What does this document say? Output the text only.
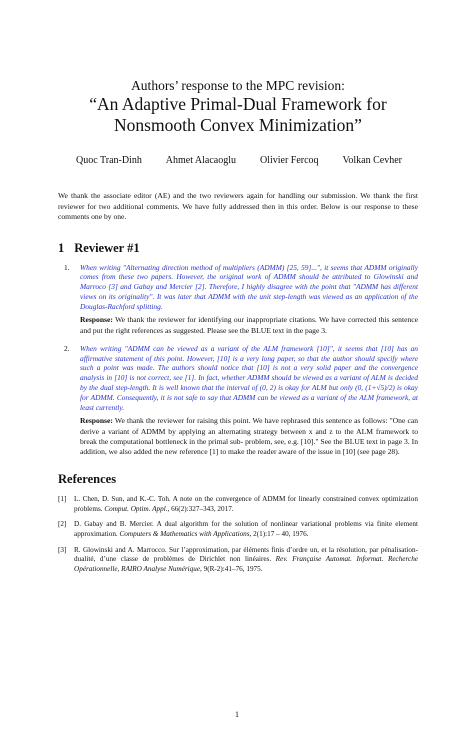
Authors’ response to the MPC revision:
“An Adaptive Primal-Dual Framework for
Nonsmooth Convex Minimization”
Quoc Tran-Dinh Ahmet Alacaoglu Olivier Fercoq Volkan Cevher

We thank the associate editor (AE) and the two reviewers again for handling our submission. We thank the first reviewer for two additional comments. We have fully addressed then in this order. Below is our response to these comments one by one.

1 Reviewer #1
1.	When writing "Alternating direction method of multipliers (ADMM) [25, 59]...", it seems that ADMM originally comes from these two papers. However, the original work of ADMM should be attributed to Glowinski and Marroco [3] and Gabay and Mercier [2]. Therefore, I highly disagree with the point that "ADMM has different views on its originality". It was later that ADMM with the unit step-length was viewed as an application of the Douglas-Rachford splitting.
Response: We thank the reviewer for identifying our inappropriate citations. We have corrected this sentence and put the right references as suggested. Please see the BLUE text in the page 3.
2.	When writing "ADMM can be viewed as a variant of the ALM framework [10]", it seems that [10] has an affirmative statement of this point. However, [10] is a very long paper, so that the author should specify where such a point was made. The authors should notice that [10] is not a very solid paper and the convergence analysis in [10] is not correct, see [1]. In fact, whether ADMM should be viewed as a variant of ALM is decided by the dual step-length. It is well known that the interval of (0, 2) is okay for ALM but only (0, (1+√5)/2) is okay for ADMM. Consequently, it is not safe to say that ADMM can be viewed as a variant of the ALM framework, at least currently.
Response: We thank the reviewer for raising this point. We have rephrased this sentence as follows: "One can derive a variant of ADMM by applying an alternating strategy between x and z to the ALM framework to break the computational bottleneck in the primal sub- problem, see, e.g. [10]." See the BLUE text in page 3. In addition, we also added the new reference [1] to make the reader aware of the issue in [10] (see page 28).
References
[1]	L. Chen, D. Sun, and K.-C. Toh. A note on the convergence of ADMM for linearly constrained convex optimization problems. Comput. Optim. Appl., 66(2):327–343, 2017.
[2]	D. Gabay and B. Mercier. A dual algorithm for the solution of nonlinear variational problems via finite element approximation. Computers & Mathematics with Applications, 2(1):17 – 40, 1976.
[3]	R. Glowinski and A. Marrocco. Sur l’approximation, par éléments finis d’ordre un, et la résolution, par pénalisation-dualité, d’une classe de problèmes de Dirichlet non linéaires. Rev. Française Automat. Informat. Recherche Opérationnelle, RAIRO Analyse Numérique, 9(R-2):41–76, 1975.
1
